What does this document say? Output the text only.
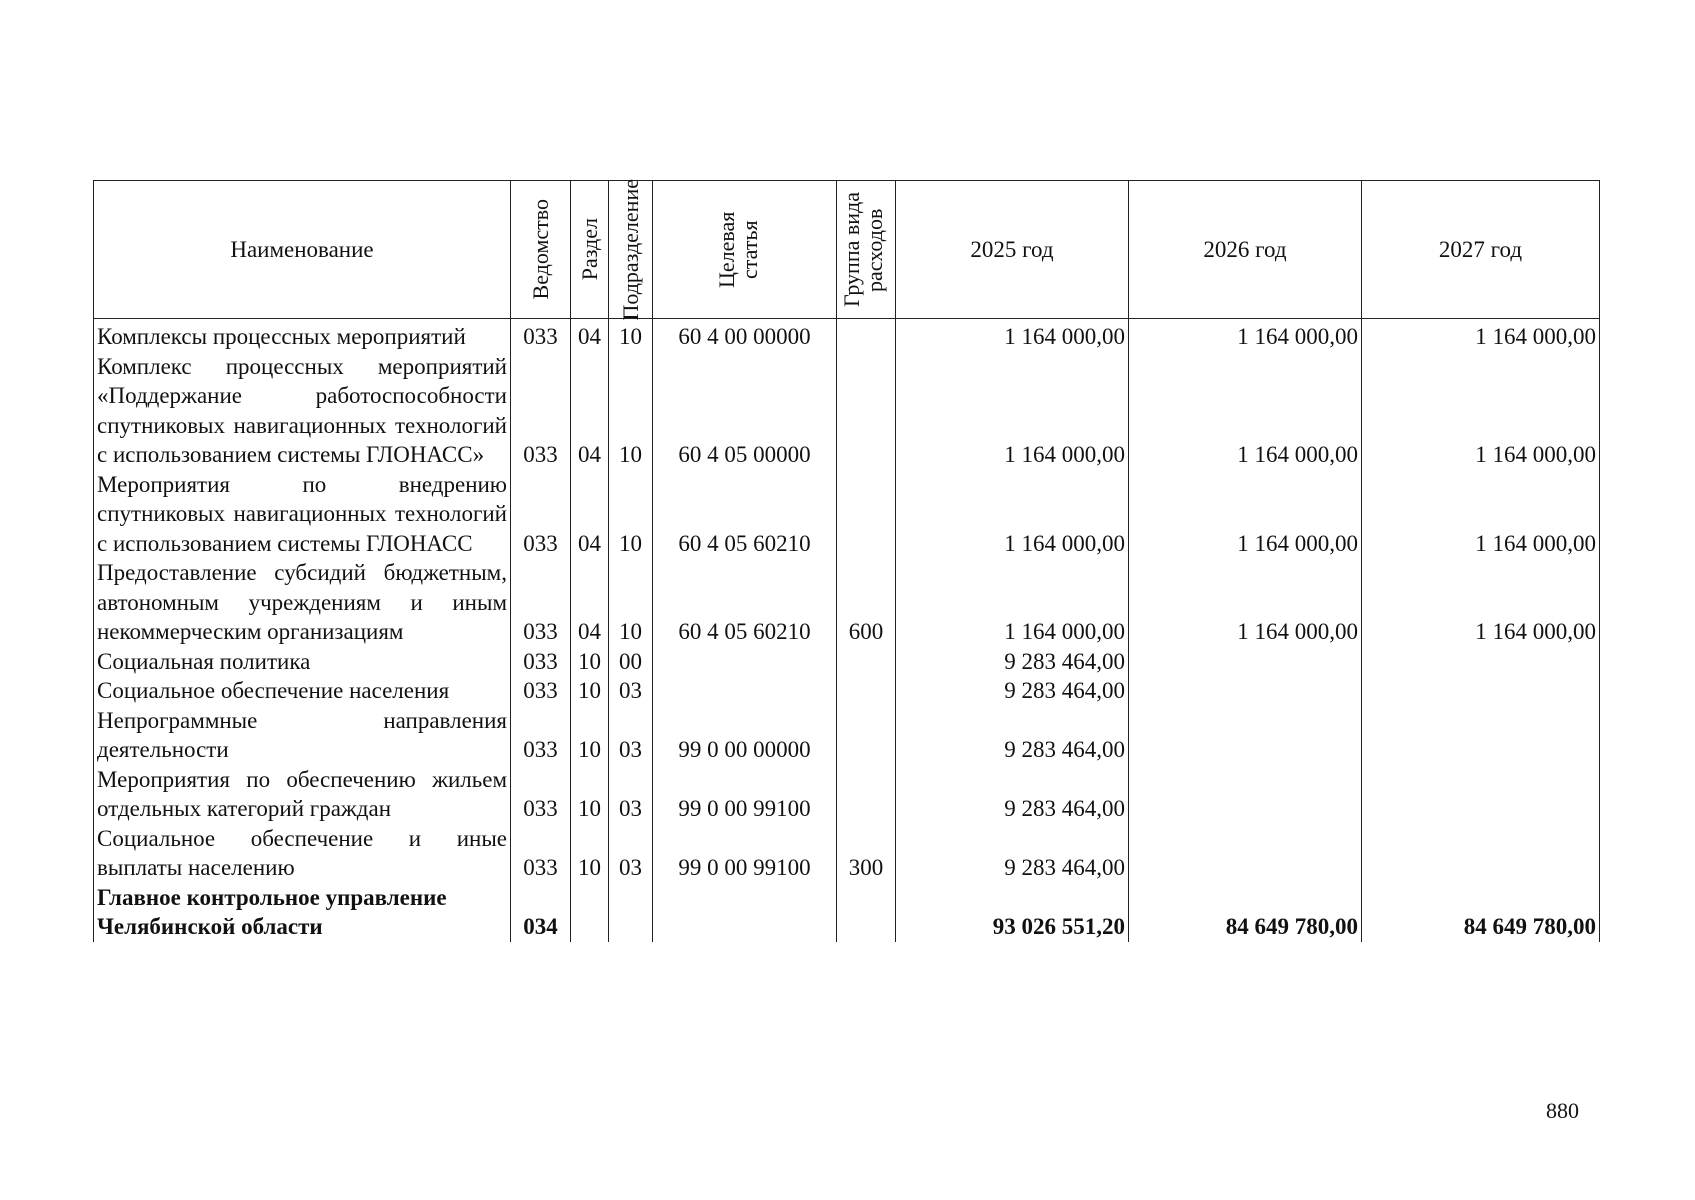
Наименование	Ведомство	Раздел	Подразделение	Целевая статья	Группа вида расходов	2025 год	2026 год	2027 год
Комплексы процессных мероприятий	033	04	10	60 4 00 00000		1 164 000,00	1 164 000,00	1 164 000,00
Комплекс процессных мероприятий «Поддержание работоспособности спутниковых навигационных технологий с использованием системы ГЛОНАСС»	033	04	10	60 4 05 00000		1 164 000,00	1 164 000,00	1 164 000,00
Мероприятия по внедрению спутниковых навигационных технологий с использованием системы ГЛОНАСС	033	04	10	60 4 05 60210		1 164 000,00	1 164 000,00	1 164 000,00
Предоставление субсидий бюджетным, автономным учреждениям и иным некоммерческим организациям	033	04	10	60 4 05 60210	600	1 164 000,00	1 164 000,00	1 164 000,00
Социальная политика	033	10	00			9 283 464,00		
Социальное обеспечение населения	033	10	03			9 283 464,00		
Непрограммные направления деятельности	033	10	03	99 0 00 00000		9 283 464,00		
Мероприятия по обеспечению жильем отдельных категорий граждан	033	10	03	99 0 00 99100		9 283 464,00		
Социальное обеспечение и иные выплаты населению	033	10	03	99 0 00 99100	300	9 283 464,00		
Главное контрольное управление Челябинской области	034					93 026 551,20	84 649 780,00	84 649 780,00
880
